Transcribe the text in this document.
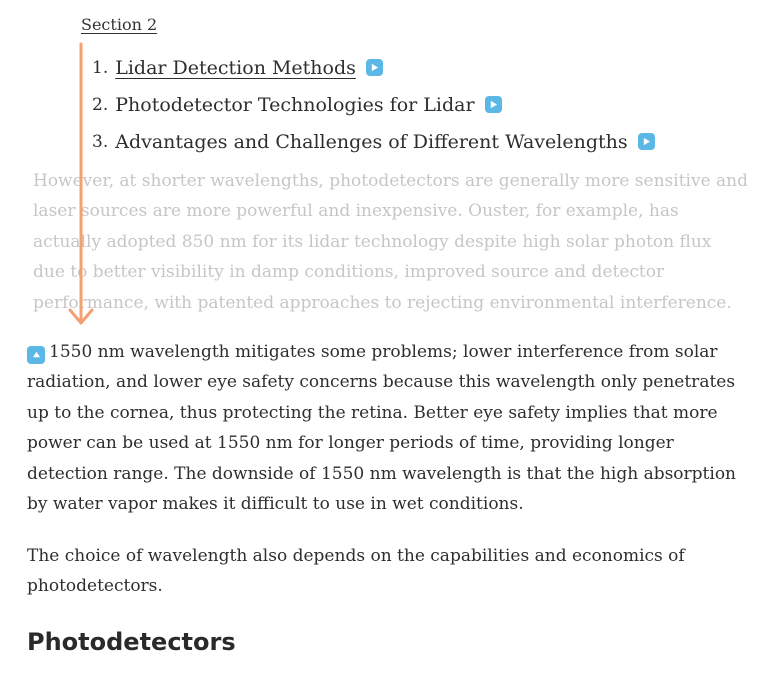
Section 2
1. Lidar Detection Methods
2. Photodetector Technologies for Lidar
3. Advantages and Challenges of Different Wavelengths

However, at shorter wavelengths, photodetectors are generally more sensitive and laser sources are more powerful and inexpensive. Ouster, for example, has actually adopted 850 nm for its lidar technology despite high solar photon flux due to better visibility in damp conditions, improved source and detector performance, with patented approaches to rejecting environmental interference.

1550 nm wavelength mitigates some problems; lower interference from solar radiation, and lower eye safety concerns because this wavelength only penetrates up to the cornea, thus protecting the retina. Better eye safety implies that more power can be used at 1550 nm for longer periods of time, providing longer detection range. The downside of 1550 nm wavelength is that the high absorption by water vapor makes it difficult to use in wet conditions.

The choice of wavelength also depends on the capabilities and economics of photodetectors.

Photodetectors
